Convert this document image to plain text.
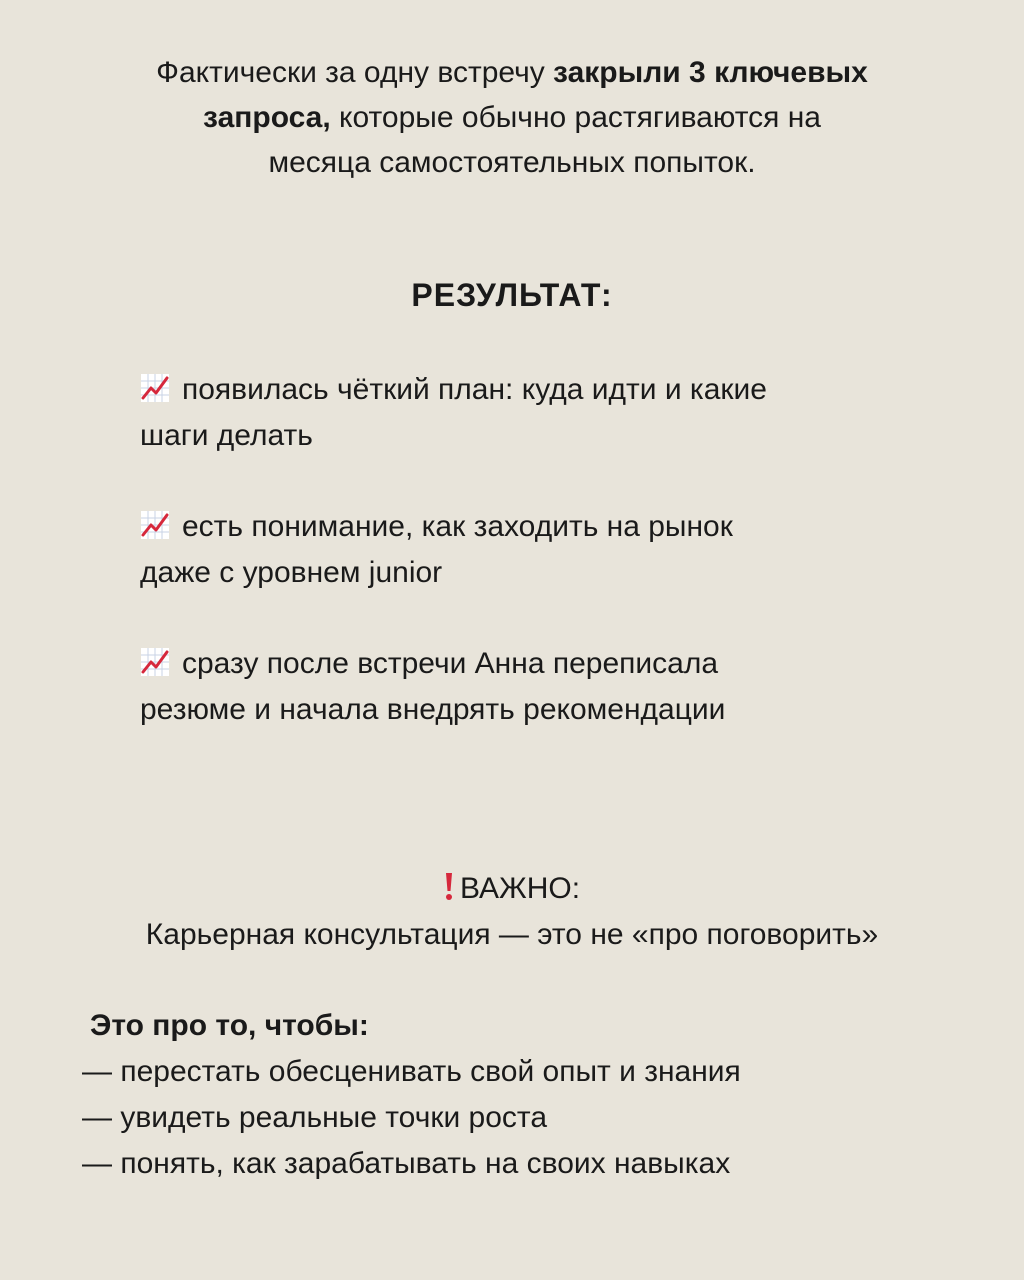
Фактически за одну встречу закрыли 3 ключевых
запроса, которые обычно растягиваются на
месяца самостоятельных попыток.
РЕЗУЛЬТАТ:
появилась чёткий план: куда идти и какие
шаги делать
есть понимание, как заходить на рынок
даже с уровнем junior
сразу после встречи Анна переписала
резюме и начала внедрять рекомендации
ВАЖНО:
Карьерная консультация — это не «про поговорить»
Это про то, чтобы:
— перестать обесценивать свой опыт и знания
— увидеть реальные точки роста
— понять, как зарабатывать на своих навыках
